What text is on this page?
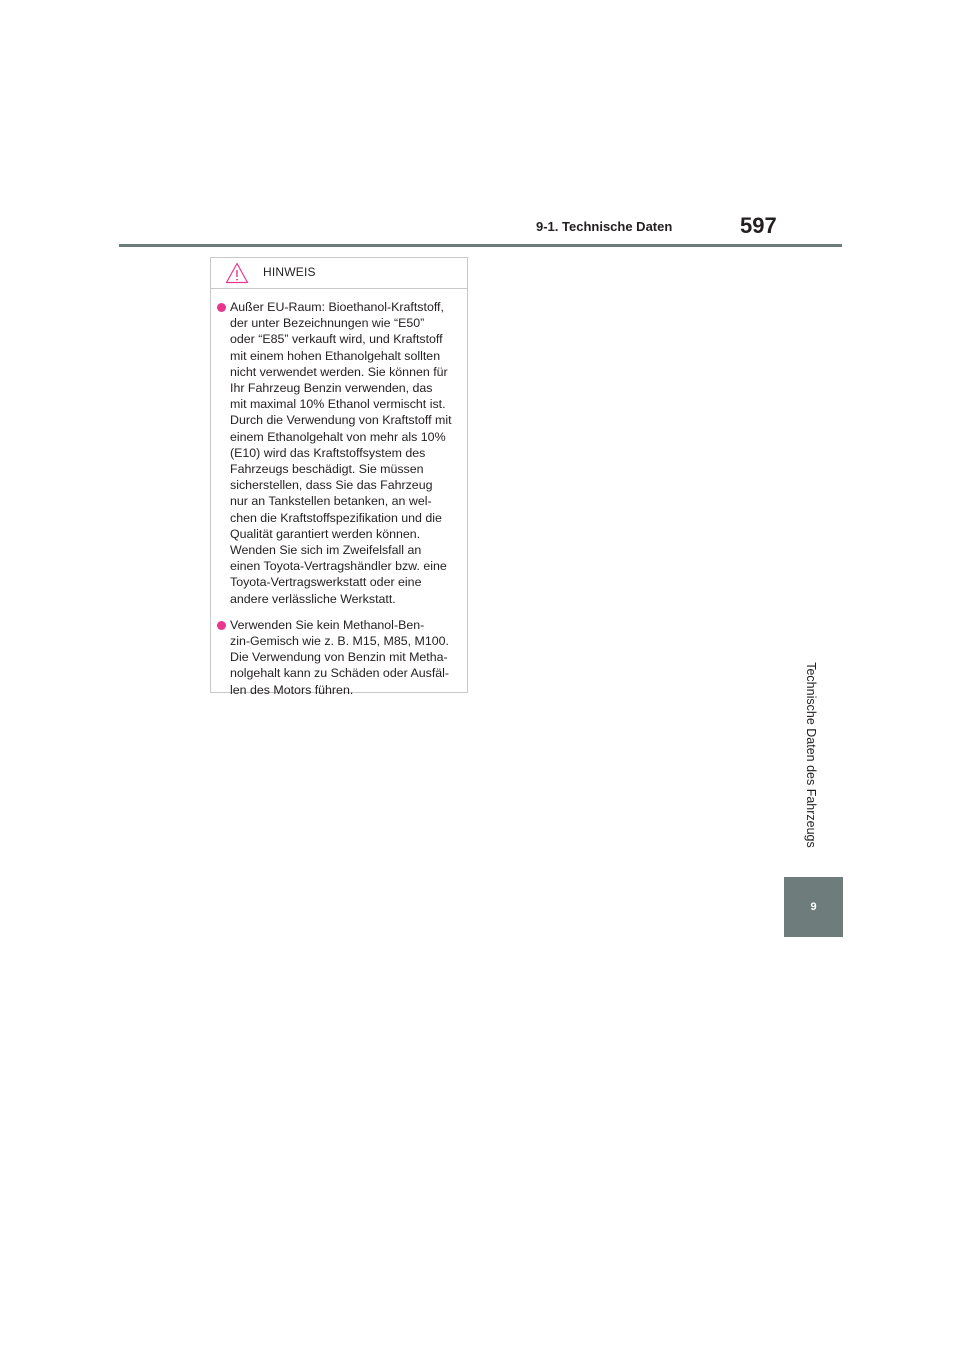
9-1. Technische Daten	597
Technische Daten des Fahrzeugs
9
HINWEIS
Außer EU-Raum: Bioethanol-Kraftstoff,
der unter Bezeichnungen wie “E50”
oder “E85” verkauft wird, und Kraftstoff
mit einem hohen Ethanolgehalt sollten
nicht verwendet werden. Sie können für
Ihr Fahrzeug Benzin verwenden, das
mit maximal 10% Ethanol vermischt ist.
Durch die Verwendung von Kraftstoff mit
einem Ethanolgehalt von mehr als 10%
(E10) wird das Kraftstoffsystem des
Fahrzeugs beschädigt. Sie müssen
sicherstellen, dass Sie das Fahrzeug
nur an Tankstellen betanken, an wel-
chen die Kraftstoffspezifikation und die
Qualität garantiert werden können.
Wenden Sie sich im Zweifelsfall an
einen Toyota-Vertragshändler bzw. eine
Toyota-Vertragswerkstatt oder eine
andere verlässliche Werkstatt.
Verwenden Sie kein Methanol-Ben-
zin-Gemisch wie z. B. M15, M85, M100.
Die Verwendung von Benzin mit Metha-
nolgehalt kann zu Schäden oder Ausfäl-
len des Motors führen.
